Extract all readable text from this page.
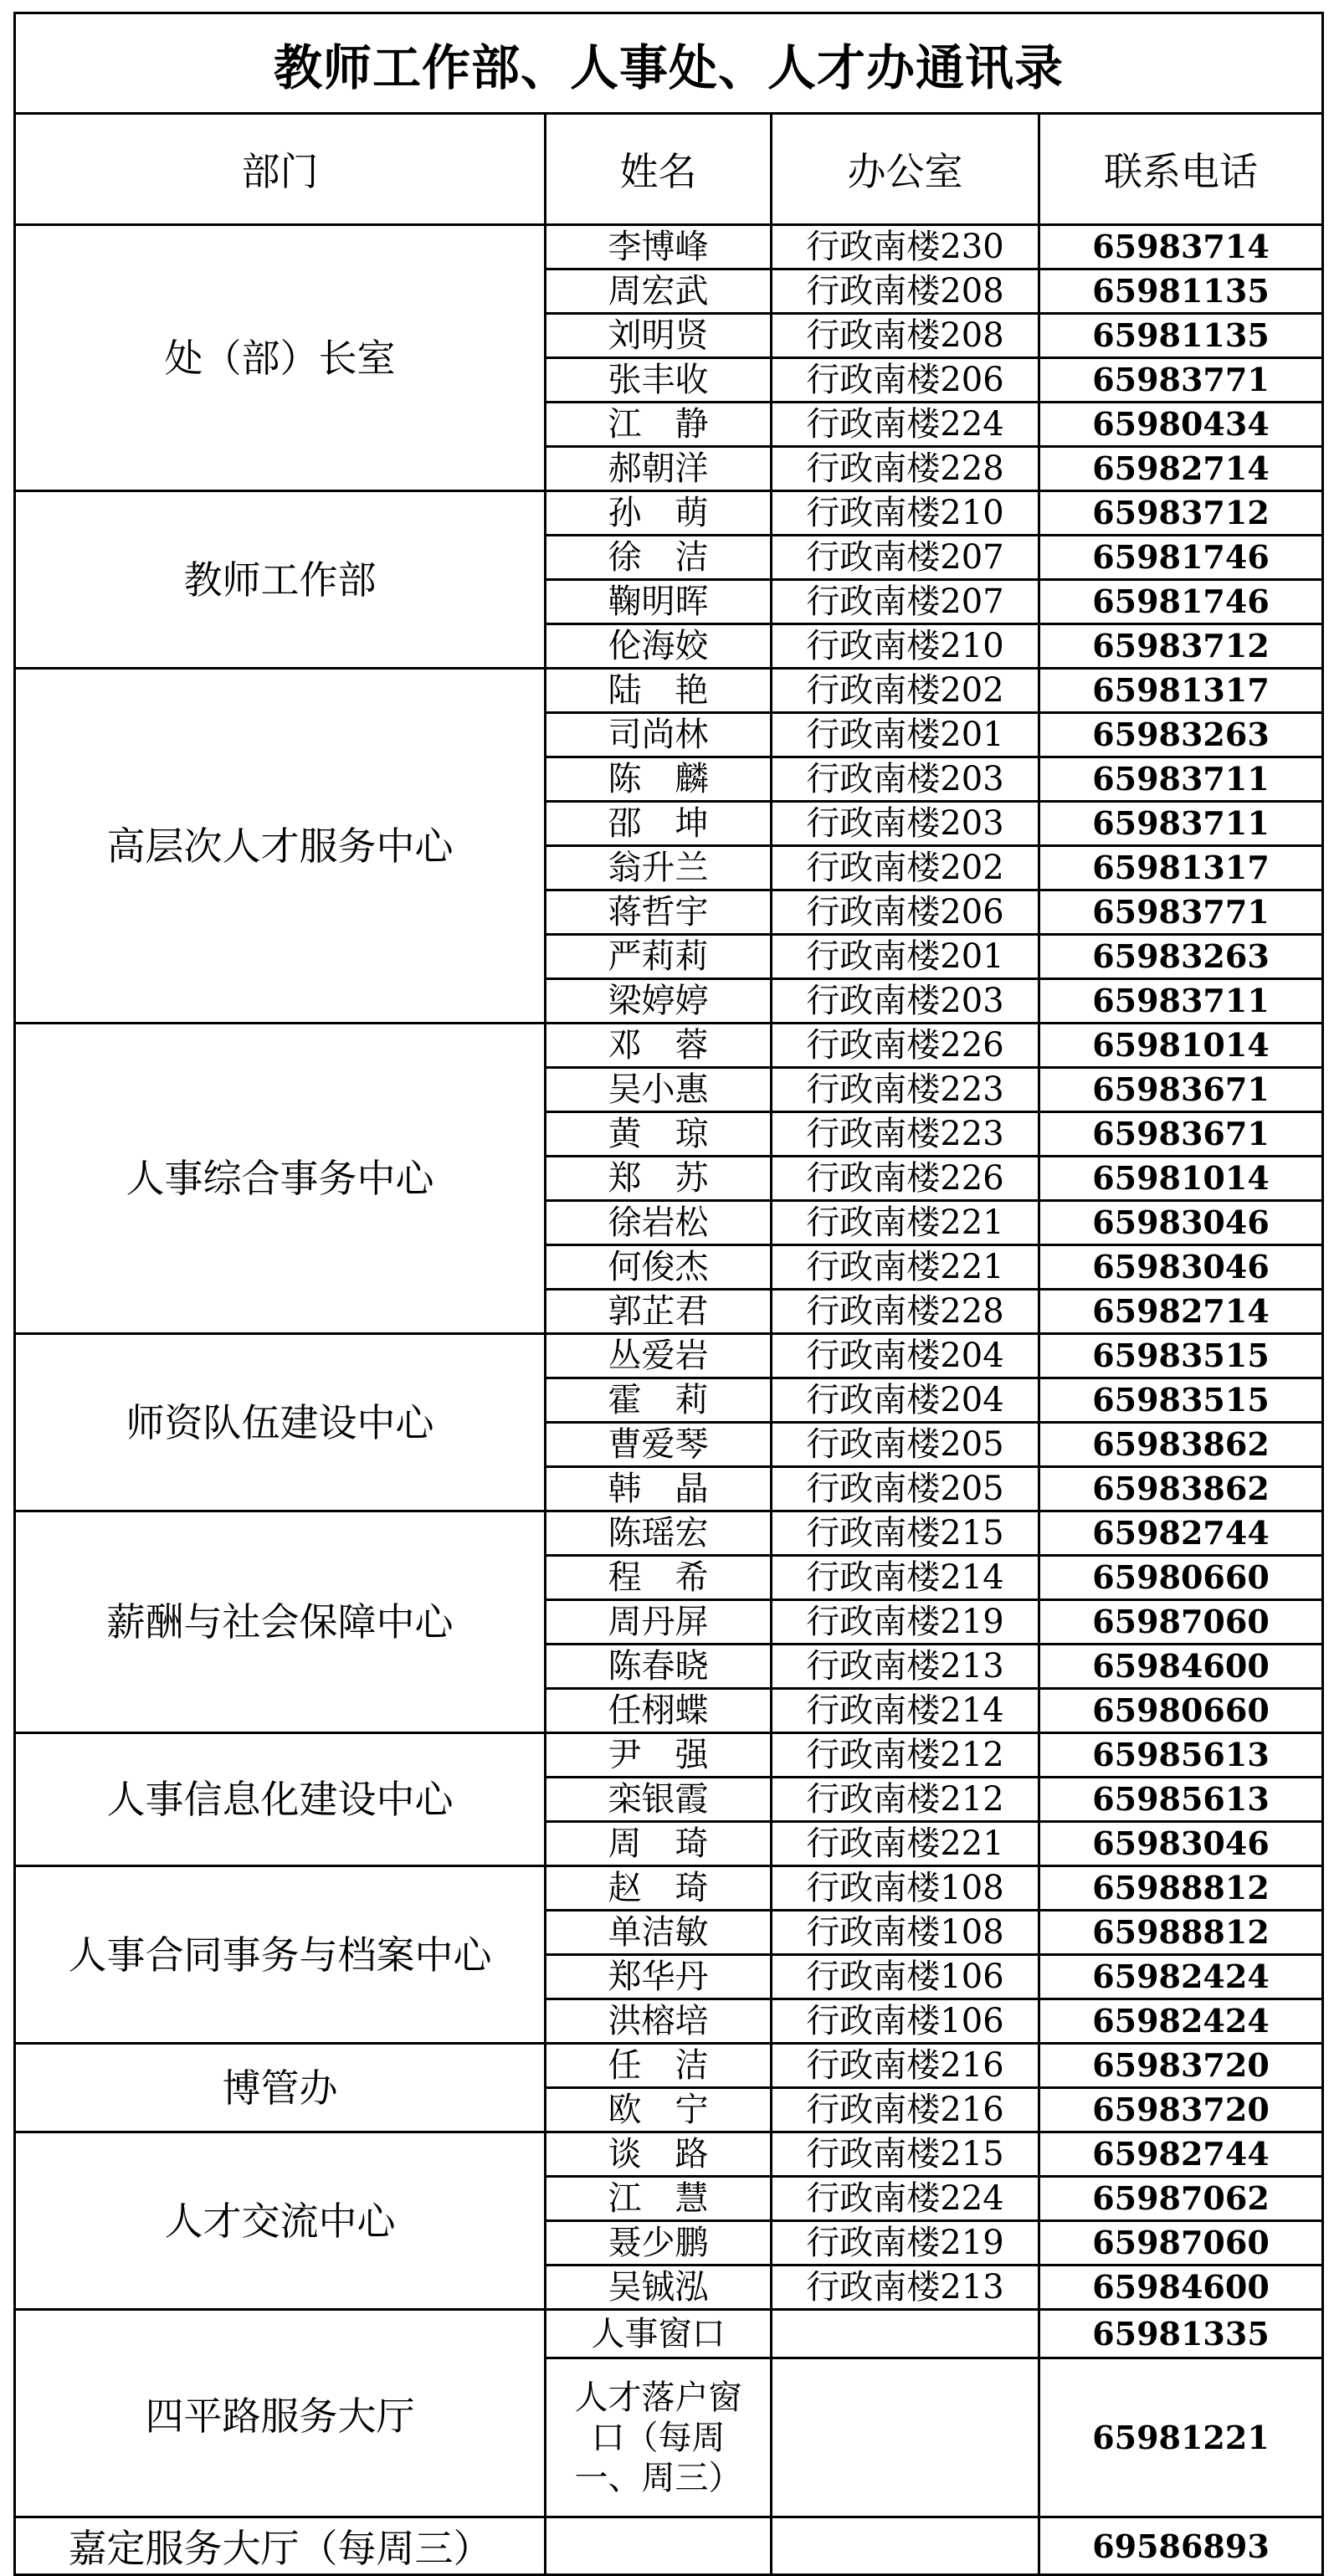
教师工作部、人事处、人才办通讯录			
部门	姓名	办公室	联系电话
处（部）长室	李博峰	行政南楼230	65983714
	周宏武	行政南楼208	65981135
	刘明贤	行政南楼208	65981135
	张丰收	行政南楼206	65983771
	江　静	行政南楼224	65980434
	郝朝洋	行政南楼228	65982714
教师工作部	孙　萌	行政南楼210	65983712
	徐　洁	行政南楼207	65981746
	鞠明晖	行政南楼207	65981746
	伦海姣	行政南楼210	65983712
高层次人才服务中心	陆　艳	行政南楼202	65981317
	司尚林	行政南楼201	65983263
	陈　麟	行政南楼203	65983711
	邵　坤	行政南楼203	65983711
	翁升兰	行政南楼202	65981317
	蒋哲宇	行政南楼206	65983771
	严莉莉	行政南楼201	65983263
	梁婷婷	行政南楼203	65983711
人事综合事务中心	邓　蓉	行政南楼226	65981014
	吴小惠	行政南楼223	65983671
	黄　琼	行政南楼223	65983671
	郑　苏	行政南楼226	65981014
	徐岩松	行政南楼221	65983046
	何俊杰	行政南楼221	65983046
	郭芷君	行政南楼228	65982714
师资队伍建设中心	丛爱岩	行政南楼204	65983515
	霍　莉	行政南楼204	65983515
	曹爱琴	行政南楼205	65983862
	韩　晶	行政南楼205	65983862
薪酬与社会保障中心	陈瑶宏	行政南楼215	65982744
	程　希	行政南楼214	65980660
	周丹屏	行政南楼219	65987060
	陈春晓	行政南楼213	65984600
	任栩蝶	行政南楼214	65980660
人事信息化建设中心	尹　强	行政南楼212	65985613
	栾银霞	行政南楼212	65985613
	周　琦	行政南楼221	65983046
人事合同事务与档案中心	赵　琦	行政南楼108	65988812
	单洁敏	行政南楼108	65988812
	郑华丹	行政南楼106	65982424
	洪榕培	行政南楼106	65982424
博管办	任　洁	行政南楼216	65983720
	欧　宁	行政南楼216	65983720
人才交流中心	谈　路	行政南楼215	65982744
	江　慧	行政南楼224	65987062
	聂少鹏	行政南楼219	65987060
	吴铖泓	行政南楼213	65984600
四平路服务大厅	人事窗口		65981335
	人才落户窗口（每周一、周三）		65981221
嘉定服务大厅（每周三）			69586893
